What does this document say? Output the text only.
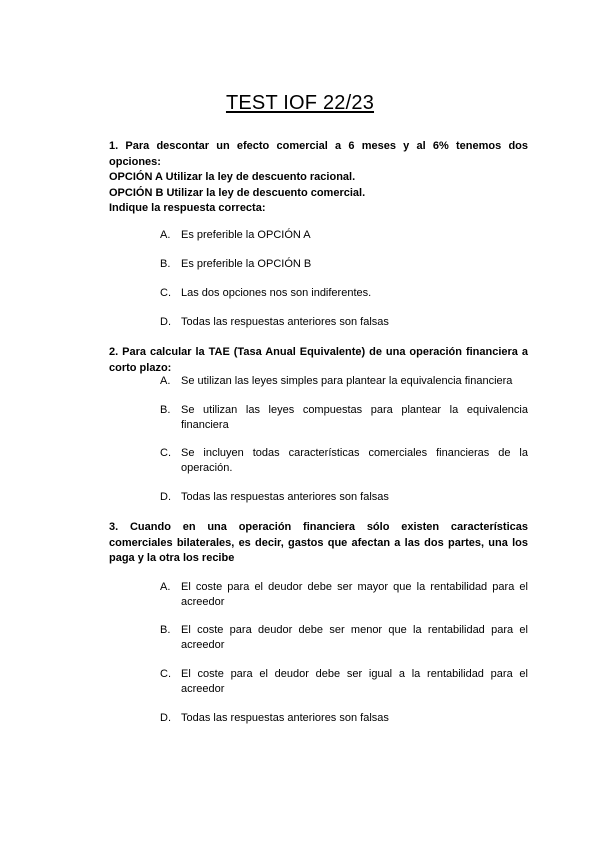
TEST IOF 22/23
1. Para descontar un efecto comercial a 6 meses y al 6% tenemos dos
opciones:
OPCIÓN A Utilizar la ley de descuento racional.
OPCIÓN B Utilizar la ley de descuento comercial.
Indique la respuesta correcta:
A. Es preferible la OPCIÓN A
B. Es preferible la OPCIÓN B
C. Las dos opciones nos son indiferentes.
D. Todas las respuestas anteriores son falsas
2. Para calcular la TAE (Tasa Anual Equivalente) de una operación financiera a
corto plazo:
A. Se utilizan las leyes simples para plantear la equivalencia financiera
B. Se utilizan las leyes compuestas para plantear la equivalencia financiera
C. Se incluyen todas características comerciales financieras de la operación.
D. Todas las respuestas anteriores son falsas
3. Cuando en una operación financiera sólo existen características
comerciales bilaterales, es decir, gastos que afectan a las dos partes, una los
paga y la otra los recibe
A. El coste para el deudor debe ser mayor que la rentabilidad para el acreedor
B. El coste para deudor debe ser menor que la rentabilidad para el acreedor
C. El coste para el deudor debe ser igual a la rentabilidad para el acreedor
D. Todas las respuestas anteriores son falsas
